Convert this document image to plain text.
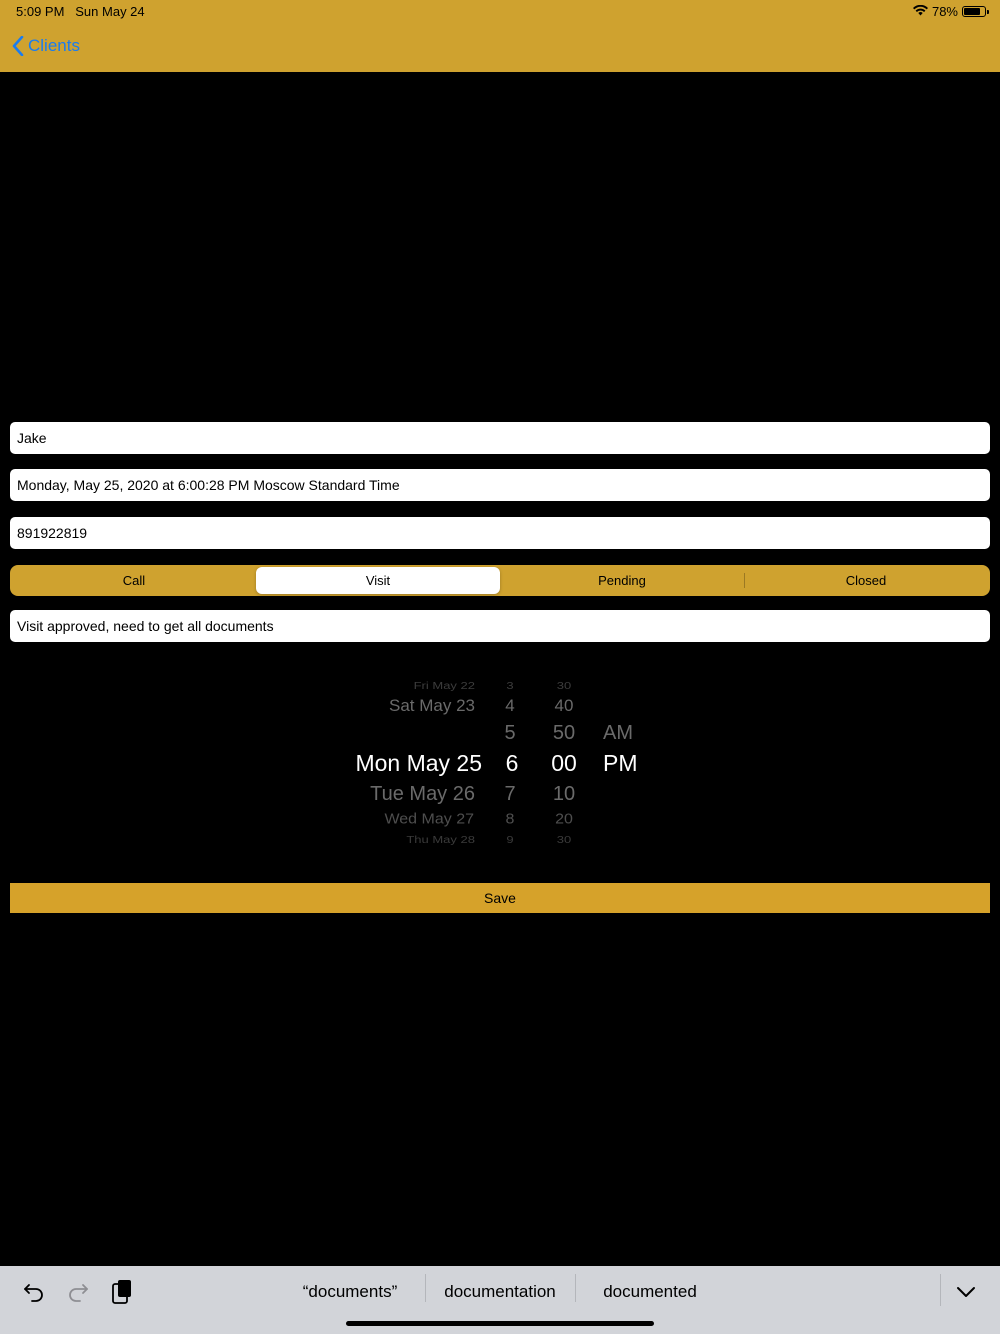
5:09 PM Sun May 24	78%
Clients
Jake
Monday, May 25, 2020 at 6:00:28 PM Moscow Standard Time
891922819
Call	Visit	Pending	Closed
Visit approved, need to get all documents
Fri May 22
Sat May 23
Mon May 25
Tue May 26
Wed May 27
Thu May 28
3
4
5
6
7
8
9
30
40
50
00
10
20
30
AM
PM
Save
“documents”	documentation	documented
